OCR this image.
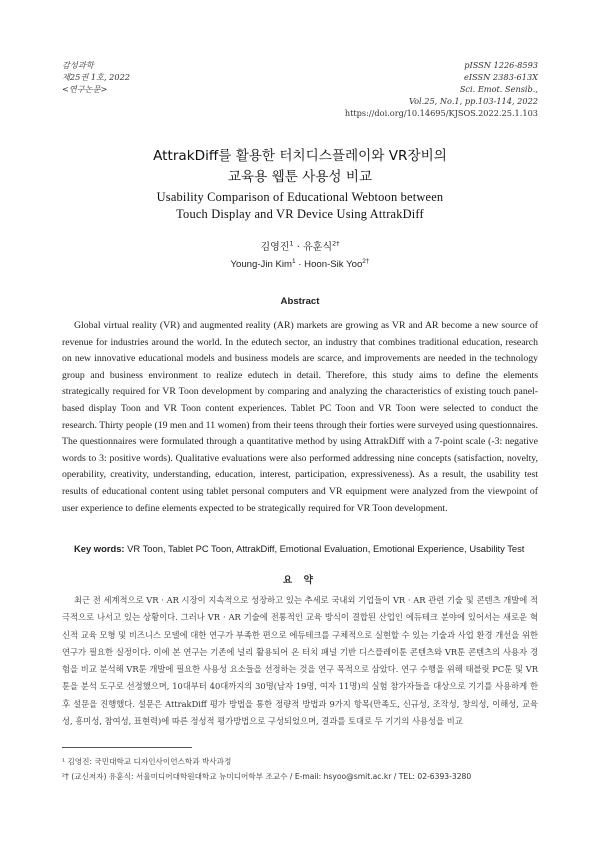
감성과학
제25권 1호, 2022
<연구논문>
pISSN 1226-8593
eISSN 2383-613X
Sci. Emot. Sensib.,
Vol.25, No.1, pp.103-114, 2022
https://doi.org/10.14695/KJSOS.2022.25.1.103
AttrakDiff를 활용한 터치디스플레이와 VR장비의
교육용 웹툰 사용성 비교
Usability Comparison of Educational Webtoon between
Touch Display and VR Device Using AttrakDiff
김영진$^1$ · 유훈식$^{2\dagger}$
Young-Jin Kim$^1$ · Hoon-Sik Yoo$^{2\dagger}$
Abstract

Global virtual reality (VR) and augmented reality (AR) markets are growing as VR and AR become a new source of revenue for industries around the world. In the edutech sector, an industry that combines traditional education, research on new innovative educational models and business models are scarce, and improvements are needed in the technology group and business environment to realize edutech in detail. Therefore, this study aims to define the elements strategically required for VR Toon development by comparing and analyzing the characteristics of existing touch panel-based display Toon and VR Toon content experiences. Tablet PC Toon and VR Toon were selected to conduct the research. Thirty people (19 men and 11 women) from their teens through their forties were surveyed using questionnaires. The questionnaires were formulated through a quantitative method by using AttrakDiff with a 7-point scale (-3: negative words to 3: positive words). Qualitative evaluations were also performed addressing nine concepts (satisfaction, novelty, operability, creativity, understanding, education, interest, participation, expressiveness). As a result, the usability test results of educational content using tablet personal computers and VR equipment were analyzed from the viewpoint of user experience to define elements expected to be strategically required for VR Toon development.

Key words: VR Toon, Tablet PC Toon, AttrakDiff, Emotional Evaluation, Emotional Experience, Usability Test
요 약

최근 전 세계적으로 VR · AR 시장이 지속적으로 성장하고 있는 추세로 국내외 기업들이 VR · AR 관련 기술 및 콘텐츠 개발에 적극적으로 나서고 있는 상황이다. 그러나 VR · AR 기술에 전통적인 교육 방식이 결합된 산업인 에듀테크 분야에 있어서는 새로운 혁신적 교육 모형 및 비즈니스 모델에 대한 연구가 부족한 편으로 에듀테크를 구체적으로 실현할 수 있는 기술과 사업 환경 개선을 위한 연구가 필요한 실정이다. 이에 본 연구는 기존에 널리 활용되어 온 터치 패널 기반 디스플레이툰 콘텐츠와 VR툰 콘텐츠의 사용자 경험을 비교 분석해 VR툰 개발에 필요한 사용성 요소들을 선정하는 것을 연구 목적으로 삼았다. 연구 수행을 위해 태블릿 PC툰 및 VR툰을 분석 도구로 선정했으며, 10대부터 40대까지의 30명(남자 19명, 여자 11명)의 실험 참가자들을 대상으로 기기를 사용하게 한 후 설문을 진행했다. 설문은 AttrakDiff 평가 방법을 통한 정량적 방법과 9가지 항목(만족도, 신규성, 조작성, 창의성, 이해성, 교육성, 흥미성, 참여성, 표현력)에 따른 정성적 평가방법으로 구성되었으며, 결과를 토대로 두 기기의 사용성을 비교

¹ 김영진: 국민대학교 디자인사이언스학과 박사과정
²† (교신저자) 유훈식: 서울미디어대학원대학교 뉴미디어학부 조교수 / E-mail: hsyoo@smit.ac.kr / TEL: 02-6393-3280
